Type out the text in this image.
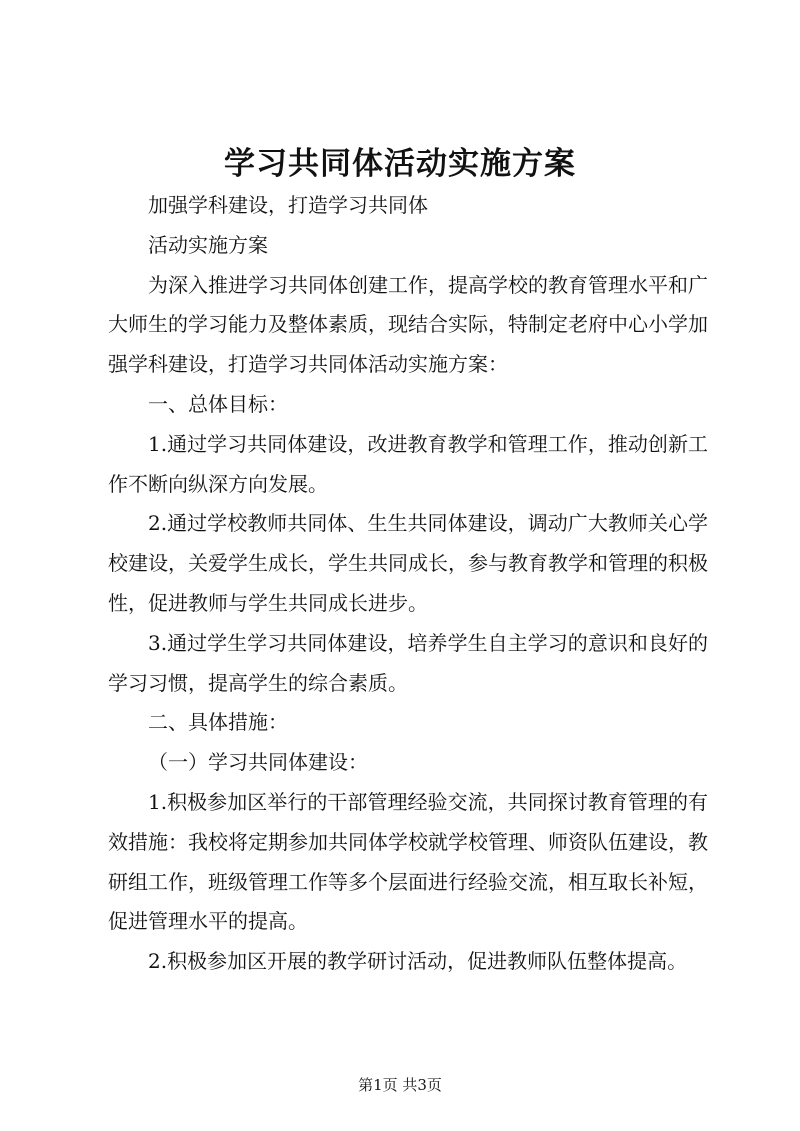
学习共同体活动实施方案

加强学科建设，打造学习共同体

活动实施方案

为深入推进学习共同体创建工作，提高学校的教育管理水平和广大师生的学习能力及整体素质，现结合实际，特制定老府中心小学加强学科建设，打造学习共同体活动实施方案：

一、总体目标：

1.通过学习共同体建设，改进教育教学和管理工作，推动创新工作不断向纵深方向发展。

2.通过学校教师共同体、生生共同体建设，调动广大教师关心学校建设，关爱学生成长，学生共同成长，参与教育教学和管理的积极性，促进教师与学生共同成长进步。

3.通过学生学习共同体建设，培养学生自主学习的意识和良好的学习习惯，提高学生的综合素质。

二、具体措施：

（一）学习共同体建设：

1.积极参加区举行的干部管理经验交流，共同探讨教育管理的有效措施：我校将定期参加共同体学校就学校管理、师资队伍建设，教研组工作，班级管理工作等多个层面进行经验交流，相互取长补短，促进管理水平的提高。

2.积极参加区开展的教学研讨活动，促进教师队伍整体提高。

第1页 共3页
